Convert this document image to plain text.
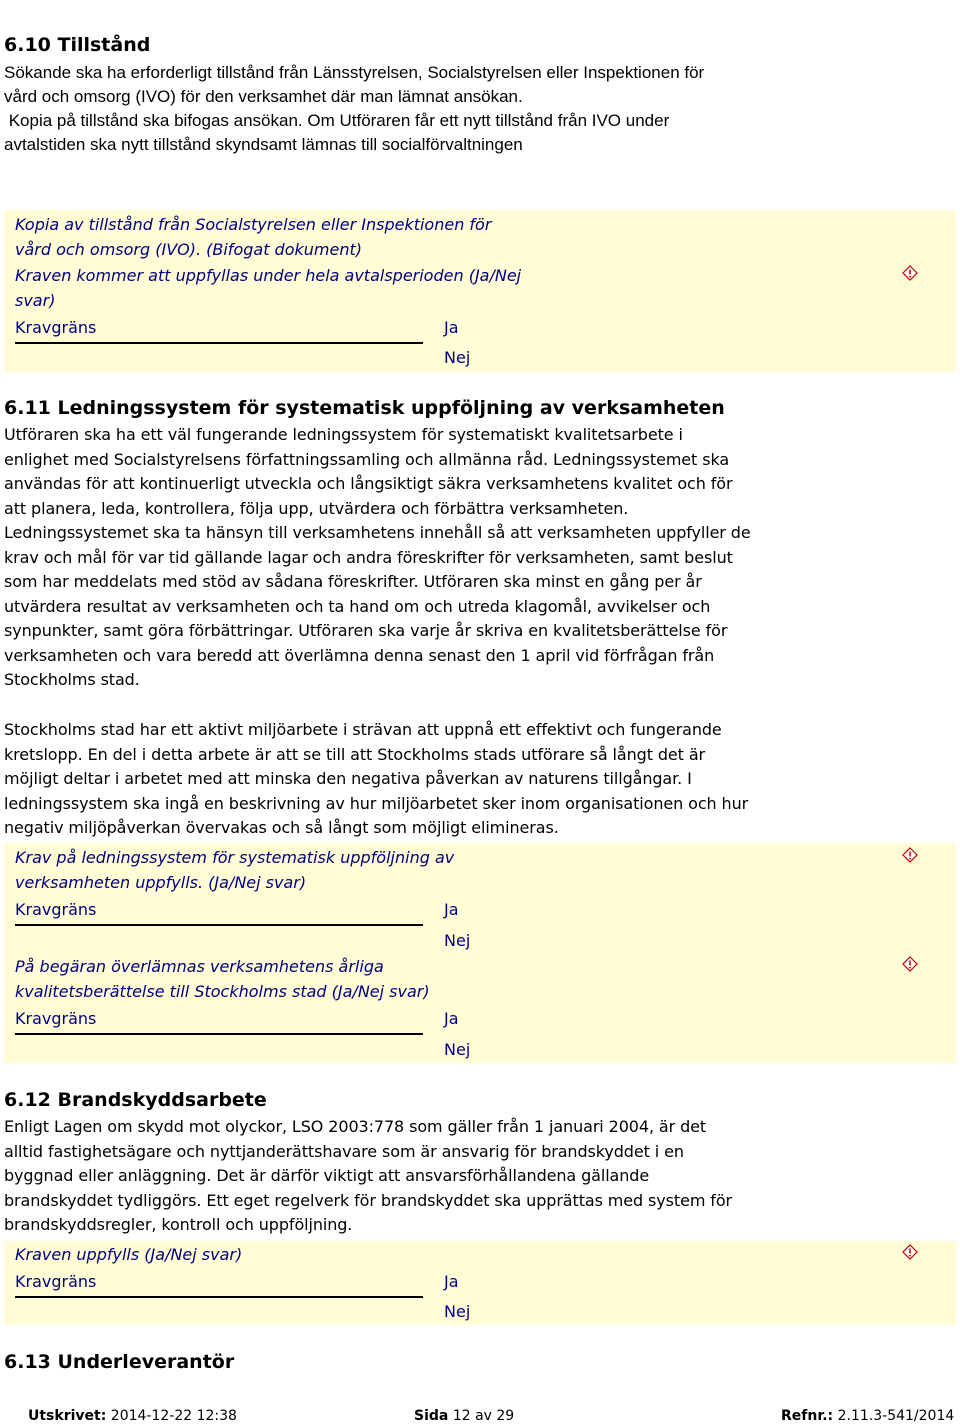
6.10 Tillstånd
Sökande ska ha erforderligt tillstånd från Länsstyrelsen, Socialstyrelsen eller Inspektionen för
vård och omsorg (IVO) för den verksamhet där man lämnat ansökan.
Kopia på tillstånd ska bifogas ansökan. Om Utföraren får ett nytt tillstånd från IVO under
avtalstiden ska nytt tillstånd skyndsamt lämnas till socialförvaltningen
Kopia av tillstånd från Socialstyrelsen eller Inspektionen för
vård och omsorg (IVO). (Bifogat dokument)
Kraven kommer att uppfyllas under hela avtalsperioden (Ja/Nej
svar)
Kravgräns	Ja
Nej
6.11 Ledningssystem för systematisk uppföljning av verksamheten
Utföraren ska ha ett väl fungerande ledningssystem för systematiskt kvalitetsarbete i
enlighet med Socialstyrelsens författningssamling och allmänna råd. Ledningssystemet ska
användas för att kontinuerligt utveckla och långsiktigt säkra verksamhetens kvalitet och för
att planera, leda, kontrollera, följa upp, utvärdera och förbättra verksamheten.
Ledningssystemet ska ta hänsyn till verksamhetens innehåll så att verksamheten uppfyller de
krav och mål för var tid gällande lagar och andra föreskrifter för verksamheten, samt beslut
som har meddelats med stöd av sådana föreskrifter. Utföraren ska minst en gång per år
utvärdera resultat av verksamheten och ta hand om och utreda klagomål, avvikelser och
synpunkter, samt göra förbättringar. Utföraren ska varje år skriva en kvalitetsberättelse för
verksamheten och vara beredd att överlämna denna senast den 1 april vid förfrågan från
Stockholms stad.
Stockholms stad har ett aktivt miljöarbete i strävan att uppnå ett effektivt och fungerande
kretslopp. En del i detta arbete är att se till att Stockholms stads utförare så långt det är
möjligt deltar i arbetet med att minska den negativa påverkan av naturens tillgångar. I
ledningssystem ska ingå en beskrivning av hur miljöarbetet sker inom organisationen och hur
negativ miljöpåverkan övervakas och så långt som möjligt elimineras.
Krav på ledningssystem för systematisk uppföljning av
verksamheten uppfylls. (Ja/Nej svar)
Kravgräns	Ja
Nej
På begäran överlämnas verksamhetens årliga
kvalitetsberättelse till Stockholms stad (Ja/Nej svar)
Kravgräns	Ja
Nej
6.12 Brandskyddsarbete
Enligt Lagen om skydd mot olyckor, LSO 2003:778 som gäller från 1 januari 2004, är det
alltid fastighetsägare och nyttjanderättshavare som är ansvarig för brandskyddet i en
byggnad eller anläggning. Det är därför viktigt att ansvarsförhållandena gällande
brandskyddet tydliggörs. Ett eget regelverk för brandskyddet ska upprättas med system för
brandskyddsregler, kontroll och uppföljning.
Kraven uppfylls (Ja/Nej svar)
Kravgräns	Ja
Nej
6.13 Underleverantör
Utskrivet: 2014-12-22 12:38	Sida 12 av 29	Refnr.: 2.11.3-541/2014
